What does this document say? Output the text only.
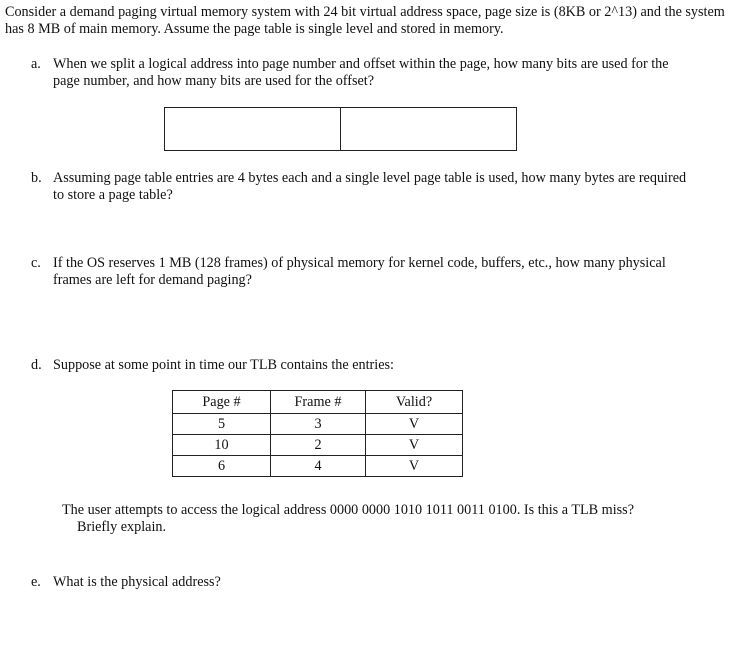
Consider a demand paging virtual memory system with 24 bit virtual address space, page size is (8KB or 2^13) and the system has 8 MB of main memory. Assume the page table is single level and stored in memory.
a. When we split a logical address into page number and offset within the page, how many bits are used for the
page number, and how many bits are used for the offset?
b. Assuming page table entries are 4 bytes each and a single level page table is used, how many bytes are required
to store a page table?
c. If the OS reserves 1 MB (128 frames) of physical memory for kernel code, buffers, etc., how many physical
frames are left for demand paging?
d. Suppose at some point in time our TLB contains the entries:
Page #	Frame #	Valid?
5	3	V
10	2	V
6	4	V
The user attempts to access the logical address 0000 0000 1010 1011 0011 0100. Is this a TLB miss?
Briefly explain.
e. What is the physical address?
